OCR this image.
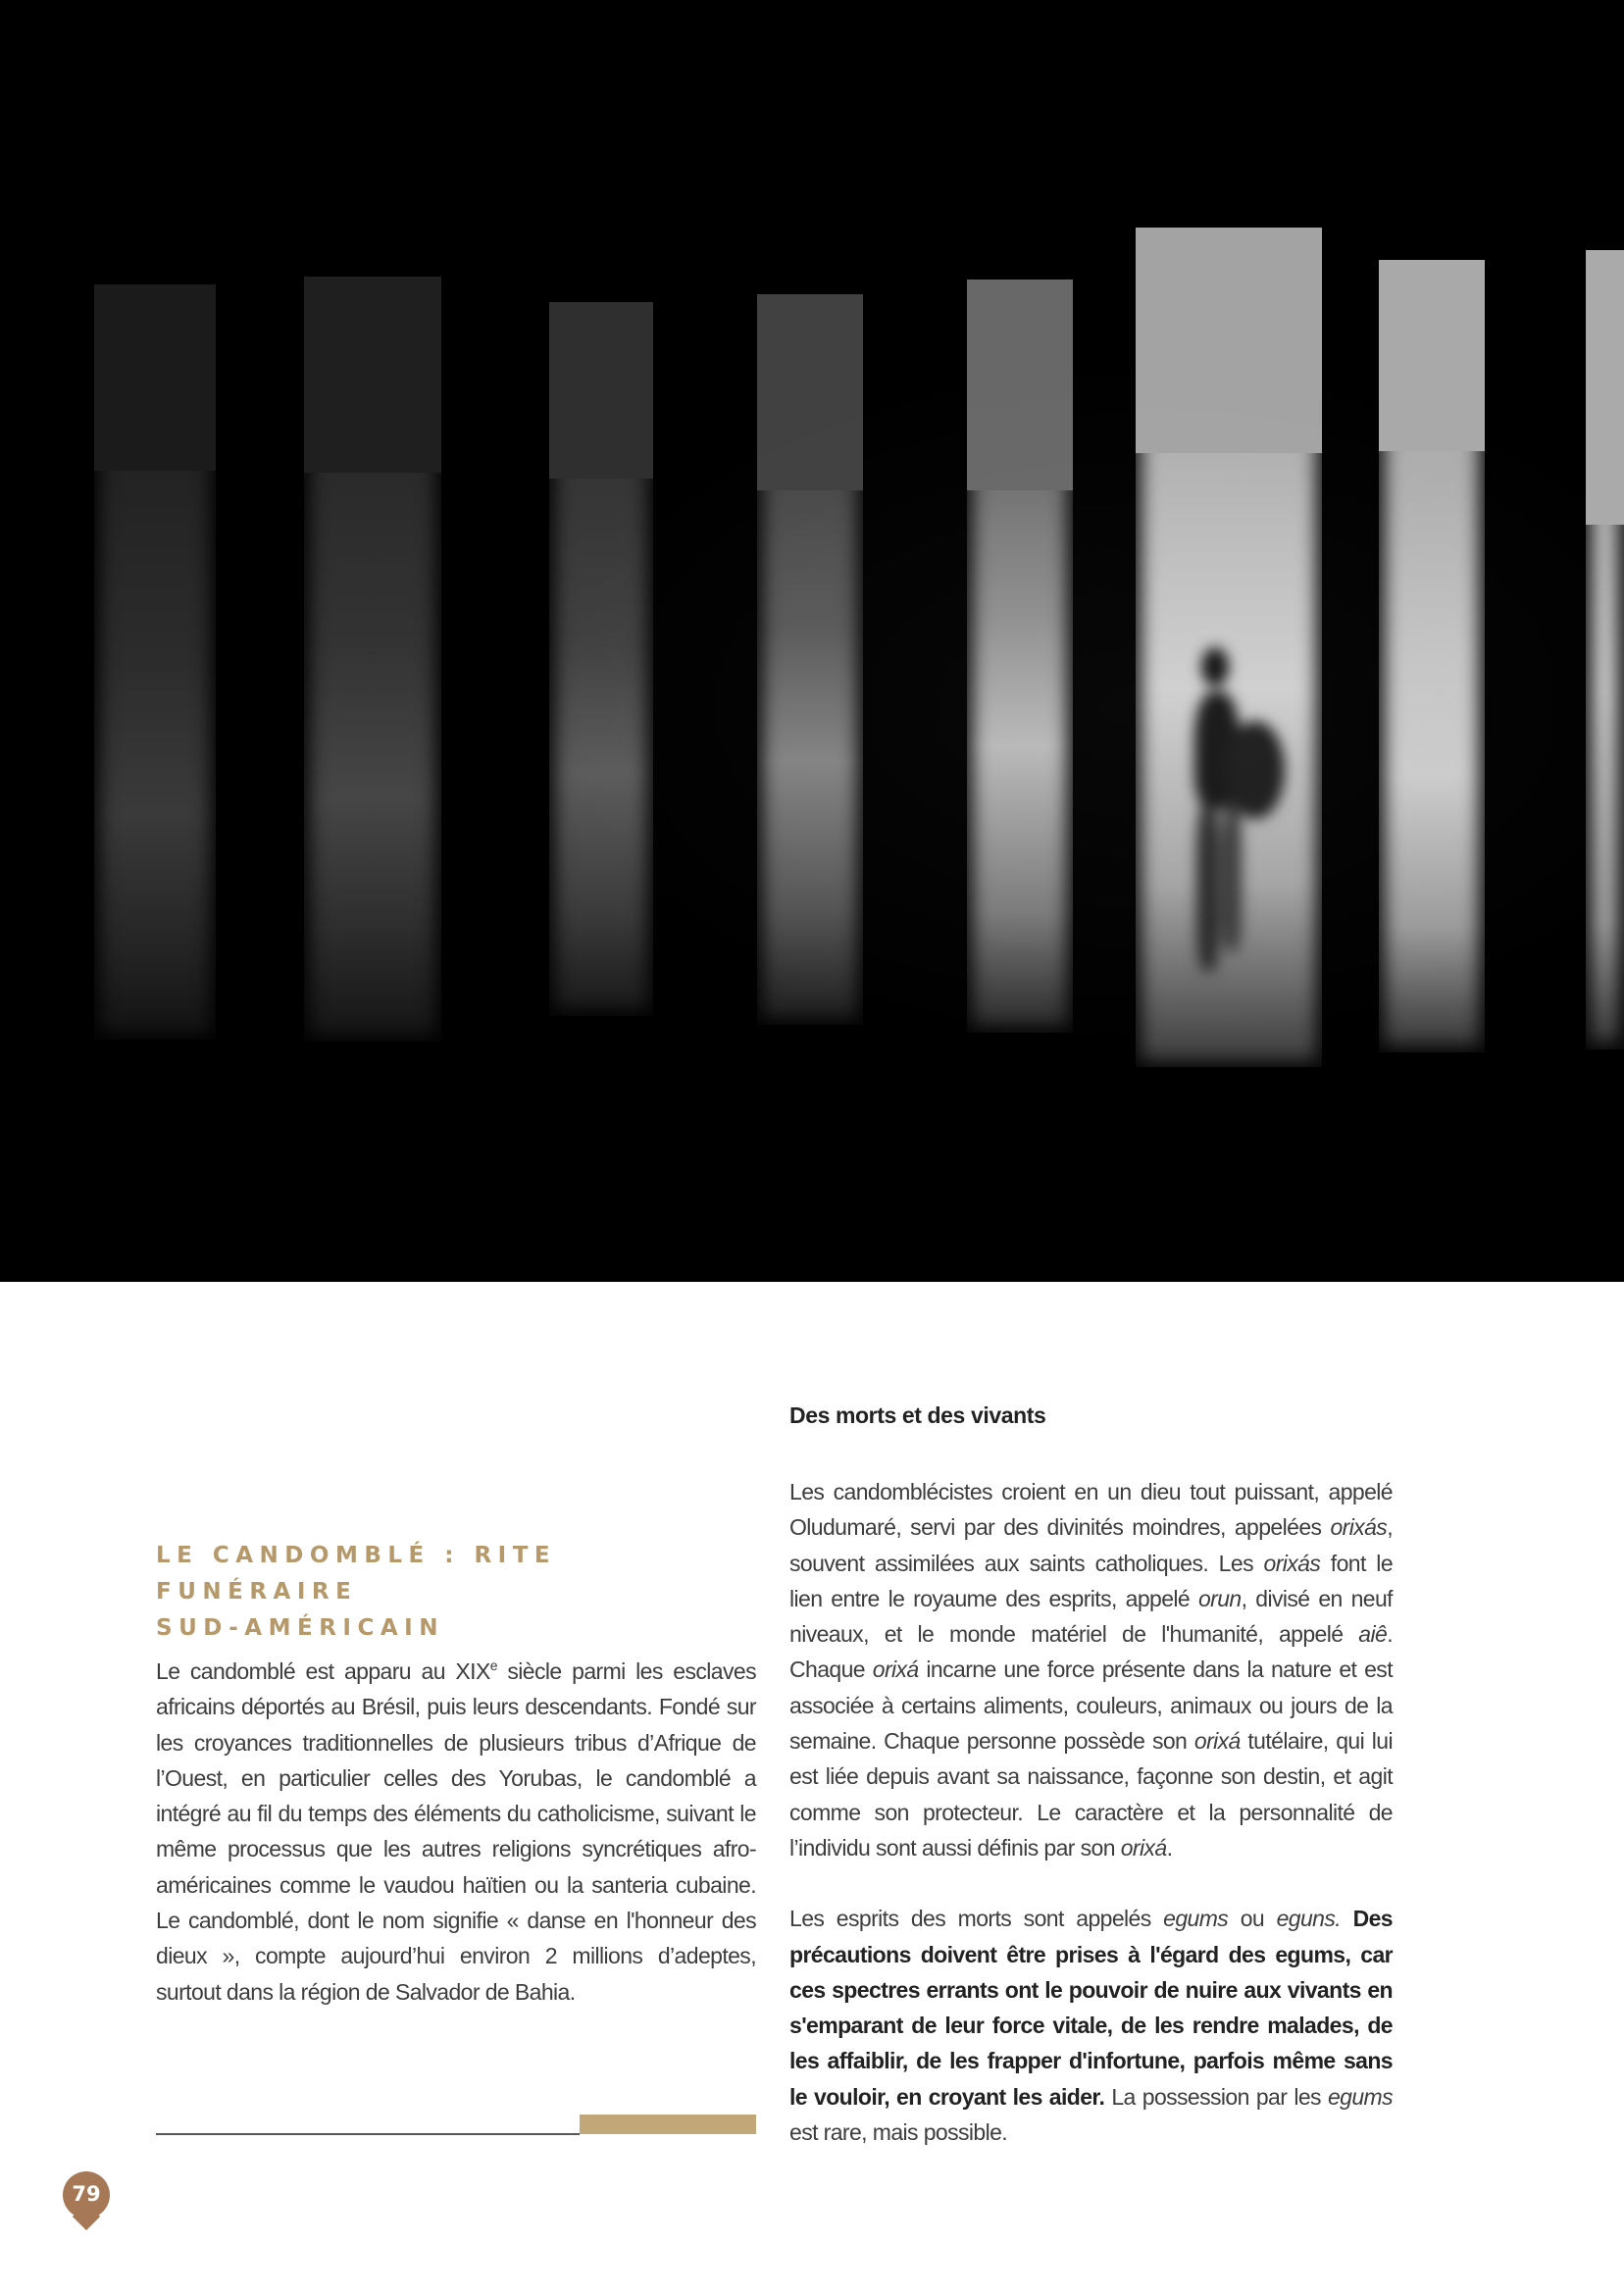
LE CANDOMBLÉ : RITE FUNÉRAIRE
SUD-AMÉRICAIN

Le candomblé est apparu au XIXe siècle parmi les esclaves africains déportés au Brésil, puis leurs descendants. Fondé sur les croyances traditionnelles de plusieurs tribus d’Afrique de l’Ouest, en particulier celles des Yorubas, le candomblé a intégré au fil du temps des éléments du catholicisme, suivant le même processus que les autres religions syncrétiques afro-américaines comme le vaudou haïtien ou la santeria cubaine. Le candomblé, dont le nom signifie « danse en l'honneur des dieux », compte aujourd’hui environ 2 millions d’adeptes, surtout dans la région de Salvador de Bahia.

Des morts et des vivants

Les candomblécistes croient en un dieu tout puissant, appelé Oludumaré, servi par des divinités moindres, appelées orixás, souvent assimilées aux saints catholiques. Les orixás font le lien entre le royaume des esprits, appelé orun, divisé en neuf niveaux, et le monde matériel de l'humanité, appelé aiê. Chaque orixá incarne une force présente dans la nature et est associée à certains aliments, couleurs, animaux ou jours de la semaine. Chaque personne possède son orixá tutélaire, qui lui est liée depuis avant sa naissance, façonne son destin, et agit comme son protecteur. Le caractère et la personnalité de l’individu sont aussi définis par son orixá.

Les esprits des morts sont appelés egums ou eguns. Des précautions doivent être prises à l'égard des egums, car ces spectres errants ont le pouvoir de nuire aux vivants en s'emparant de leur force vitale, de les rendre malades, de les affaiblir, de les frapper d'infortune, parfois même sans le vouloir, en croyant les aider. La possession par les egums est rare, mais possible.

79
